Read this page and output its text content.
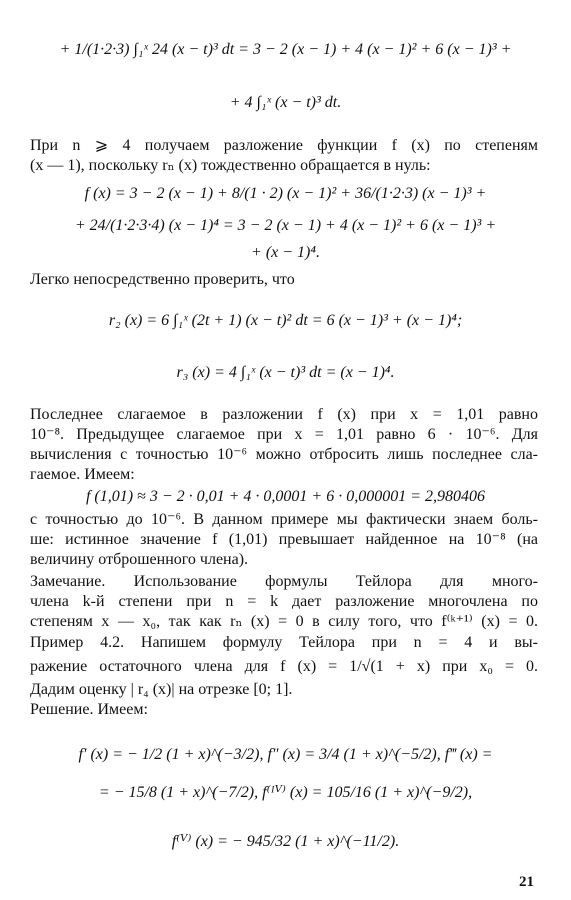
+ 1/(1·2·3) ∫₁ˣ 24 (x − t)³ dt = 3 − 2 (x − 1) + 4 (x − 1)² + 6 (x − 1)³ +
+ 4 ∫₁ˣ (x − t)³ dt.
При n ⩾ 4 получаем разложение функции f (x) по степеням
(x — 1), поскольку rₙ (x) тождественно обращается в нуль:
f (x) = 3 − 2 (x − 1) + 8/(1 · 2) (x − 1)² + 36/(1·2·3) (x − 1)³ +
+ 24/(1·2·3·4) (x − 1)⁴ = 3 − 2 (x − 1) + 4 (x − 1)² + 6 (x − 1)³ +
+ (x − 1)⁴.
Легко непосредственно проверить, что
r₂ (x) = 6 ∫₁ˣ (2t + 1) (x − t)² dt = 6 (x − 1)³ + (x − 1)⁴;
r₃ (x) = 4 ∫₁ˣ (x − t)³ dt = (x − 1)⁴.
Последнее слагаемое в разложении f (x) при x = 1,01 равно
10⁻⁸. Предыдущее слагаемое при x = 1,01 равно 6 · 10⁻⁶. Для
вычисления с точностью 10⁻⁶ можно отбросить лишь последнее сла-
гаемое. Имеем:
f (1,01) ≈ 3 − 2 · 0,01 + 4 · 0,0001 + 6 · 0,000001 = 2,980406
с точностью до 10⁻⁶. В данном примере мы фактически знаем боль-
ше: истинное значение f (1,01) превышает найденное на 10⁻⁸ (на
величину отброшенного члена).
Замечание. Использование формулы Тейлора для много-
члена k-й степени при n = k дает разложение многочлена по
степеням x — x₀, так как rₙ (x) = 0 в силу того, что f⁽ᵏ⁺¹⁾ (x) = 0.
Пример 4.2. Напишем формулу Тейлора при n = 4 и вы-
ражение остаточного члена для f (x) = 1/√(1 + x) при x₀ = 0.
Дадим оценку | r₄ (x)| на отрезке [0; 1].
Решение. Имеем:
f′ (x) = − 1/2 (1 + x)^(−3/2), f″ (x) = 3/4 (1 + x)^(−5/2), f‴ (x) =
= − 15/8 (1 + x)^(−7/2), f⁽ᴵⱽ⁾ (x) = 105/16 (1 + x)^(−9/2),
f⁽ⱽ⁾ (x) = − 945/32 (1 + x)^(−11/2).
21
